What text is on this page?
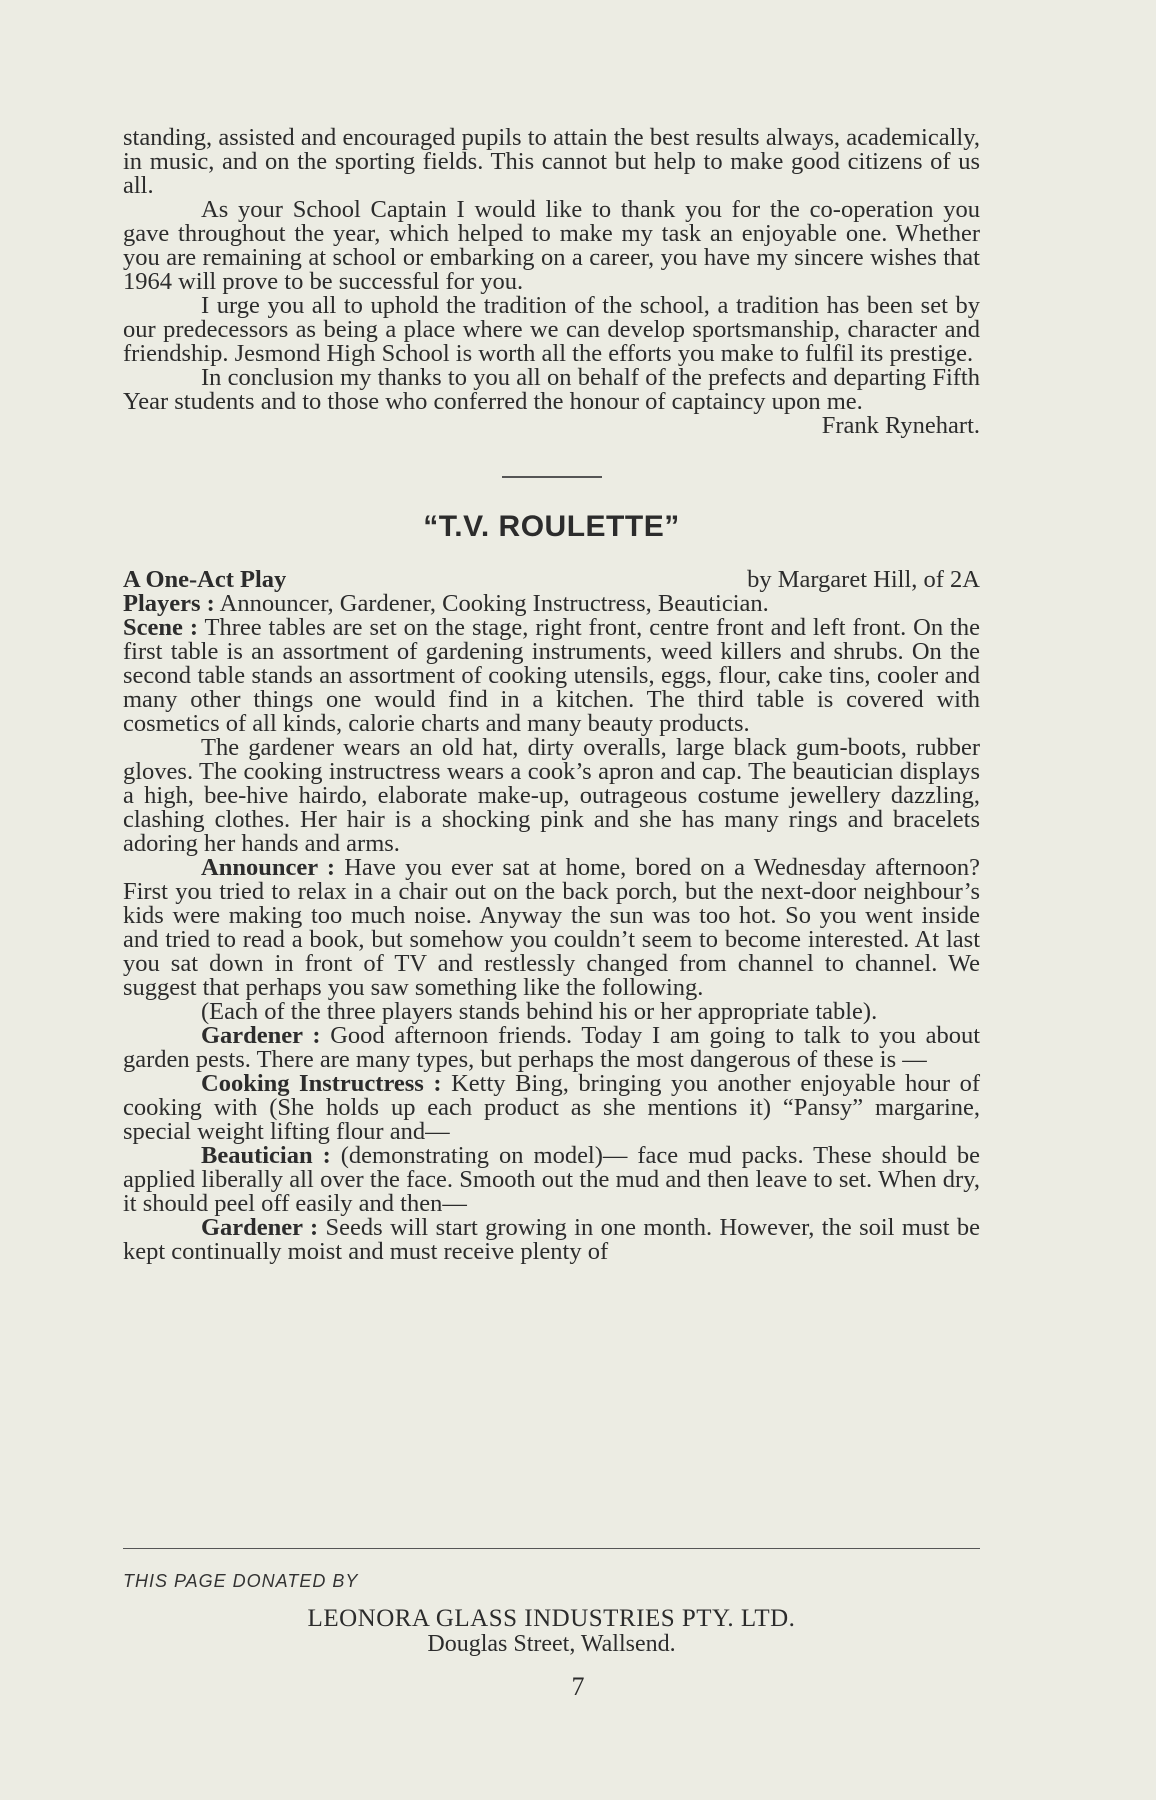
standing, assisted and encouraged pupils to attain the best results always, academically, in music, and on the sporting fields. This cannot but help to make good citizens of us all.

As your School Captain I would like to thank you for the co-operation you gave throughout the year, which helped to make my task an enjoyable one. Whether you are remaining at school or embarking on a career, you have my sincere wishes that 1964 will prove to be successful for you.

I urge you all to uphold the tradition of the school, a tradition has been set by our predecessors as being a place where we can develop sportsmanship, character and friendship. Jesmond High School is worth all the efforts you make to fulfil its prestige.

In conclusion my thanks to you all on behalf of the prefects and departing Fifth Year students and to those who conferred the honour of captaincy upon me.

Frank Rynehart.

“T.V. ROULETTE”
A One-Act Play	by Margaret Hill, of 2A

Players : Announcer, Gardener, Cooking Instructress, Beautician.

Scene : Three tables are set on the stage, right front, centre front and left front. On the first table is an assortment of gardening instruments, weed killers and shrubs. On the second table stands an assortment of cooking utensils, eggs, flour, cake tins, cooler and many other things one would find in a kitchen. The third table is covered with cosmetics of all kinds, calorie charts and many beauty products.

The gardener wears an old hat, dirty overalls, large black gum-boots, rubber gloves. The cooking instructress wears a cook’s apron and cap. The beautician displays a high, bee-hive hairdo, elaborate make-up, outrageous costume jewellery dazzling, clashing clothes. Her hair is a shocking pink and she has many rings and bracelets adoring her hands and arms.

Announcer : Have you ever sat at home, bored on a Wednesday afternoon? First you tried to relax in a chair out on the back porch, but the next-door neighbour’s kids were making too much noise. Anyway the sun was too hot. So you went inside and tried to read a book, but somehow you couldn’t seem to become interested. At last you sat down in front of TV and restlessly changed from channel to channel. We suggest that perhaps you saw something like the following.

(Each of the three players stands behind his or her appropriate table).

Gardener : Good afternoon friends. Today I am going to talk to you about garden pests. There are many types, but perhaps the most dangerous of these is —

Cooking Instructress : Ketty Bing, bringing you another enjoyable hour of cooking with (She holds up each product as she mentions it) “Pansy” margarine, special weight lifting flour and—

Beautician : (demonstrating on model)— face mud packs. These should be applied liberally all over the face. Smooth out the mud and then leave to set. When dry, it should peel off easily and then—

Gardener : Seeds will start growing in one month. However, the soil must be kept continually moist and must receive plenty of

THIS PAGE DONATED BY
LEONORA GLASS INDUSTRIES PTY. LTD.
Douglas Street, Wallsend.
7
